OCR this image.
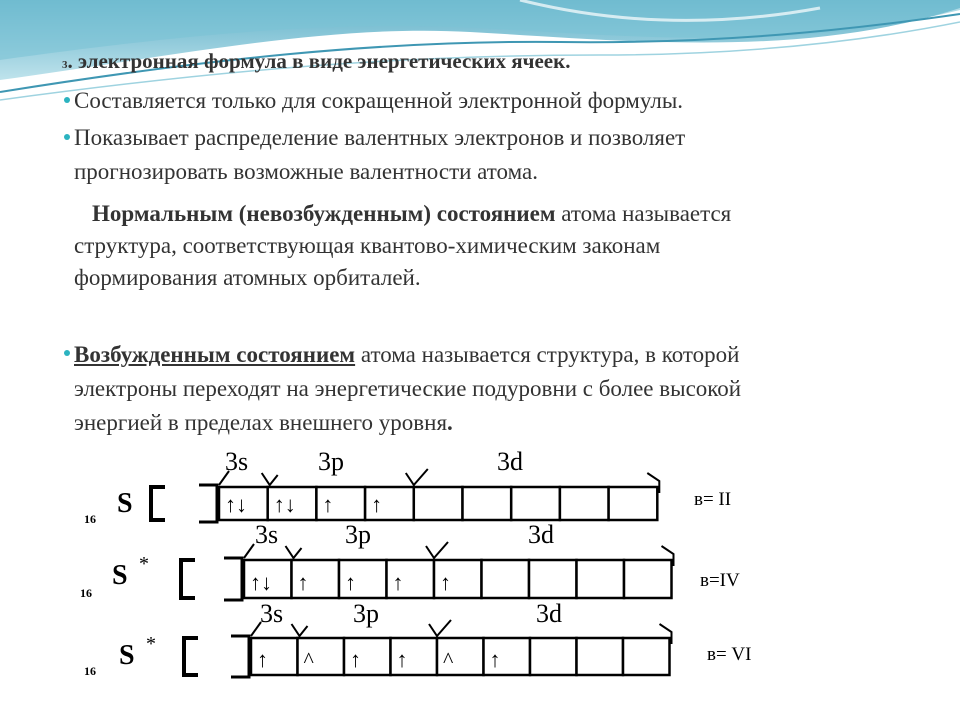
3. электронная формула в виде энергетических ячеек.
Составляется только для сокращенной электронной формулы.
Показывает распределение валентных электронов и позволяет
прогнозировать возможные валентности атома.
Нормальным (невозбужденным) состоянием атома называется
структура, соответствующая квантово-химическим законам
формирования атомных орбиталей.
Возбужденным состоянием атома называется структура, в которой
электроны переходят на энергетические подуровни с более высокой
энергией в пределах внешнего уровня.
16 S	↑↓ ↑↓ ↑ ↑
3s	3p	3d
в= II
16
S *
↑↓ ↑ ↑ ↑ ↑
3s	3p	3d
в=IV
16 S *
↑ ^ ↑ ↑ ^ ↑
3s	3p	3d
в= VI
